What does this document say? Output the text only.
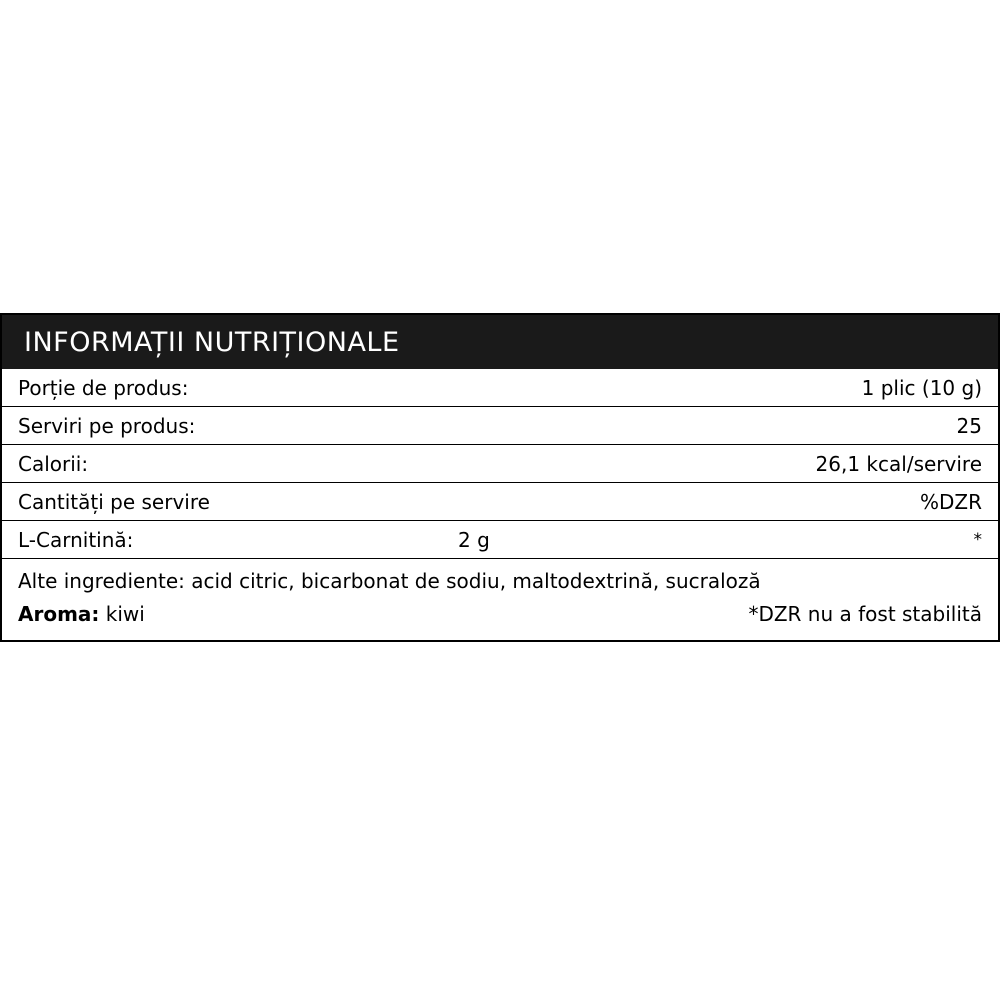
INFORMAȚII NUTRIȚIONALE
Porție de produs:	1 plic (10 g)
Serviri pe produs:	25
Calorii:	26,1 kcal/servire
Cantități pe servire	%DZR
L-Carnitină:	2 g	*
Alte ingrediente: acid citric, bicarbonat de sodiu, maltodextrină, sucraloză
Aroma: kiwi	*DZR nu a fost stabilită
